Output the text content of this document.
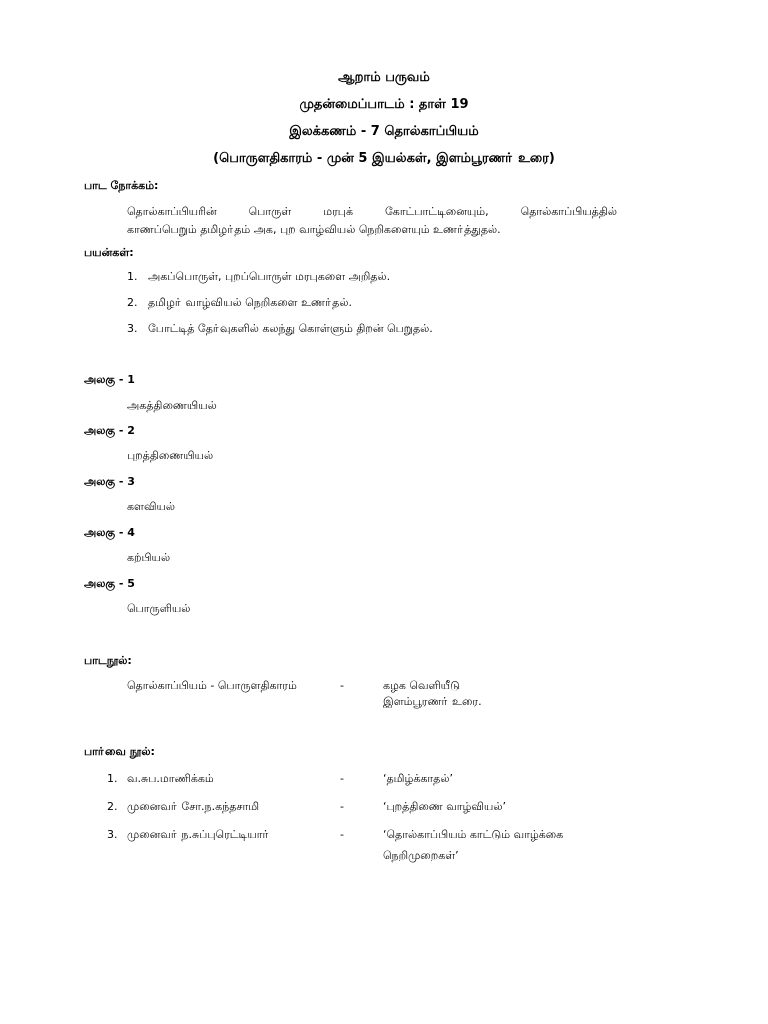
ஆறாம் பருவம்
முதன்மைப்பாடம் : தாள் 19
இலக்கணம் - 7 தொல்காப்பியம்
(பொருளதிகாரம் - முன் 5 இயல்கள், இளம்பூரணா் உரை)
பாட நோக்கம்:
தொல்காப்பியரின் பொருள் மரபுக் கோட்பாட்டினையும், தொல்காப்பியத்தில்
காணப்பெறும் தமிழா்தம் அக, புற வாழ்வியல் நெறிகளையும் உணா்த்துதல்.
பயன்கள்:
1. அகப்பொருள், புறப்பொருள் மரபுகளை அறிதல்.
2. தமிழா் வாழ்வியல் நெறிகளை உணா்தல்.
3. போட்டித் தோ்வுகளில் கலந்து கொள்ளும் திறன் பெறுதல்.
அலகு - 1
அகத்திணையியல்
அலகு - 2
புறத்திணையியல்
அலகு - 3
களவியல்
அலகு - 4
கற்பியல்
அலகு - 5
பொருளியல்
பாடநூல்:
தொல்காப்பியம் - பொருளதிகாரம்	-	கழக வெளியீடு
இளம்பூரணா் உரை.
பாா்வை நூல்:
1. வ.சுப.மாணிக்கம்	-	‘தமிழ்க்காதல்’
2. முனைவா் சோ.ந.கந்தசாமி	-	‘புறத்திணை வாழ்வியல்’
3. முனைவா் ந.சுப்புரெட்டியாா்	-	‘தொல்காப்பியம் காட்டும் வாழ்க்கை
நெறிமுறைகள்’
